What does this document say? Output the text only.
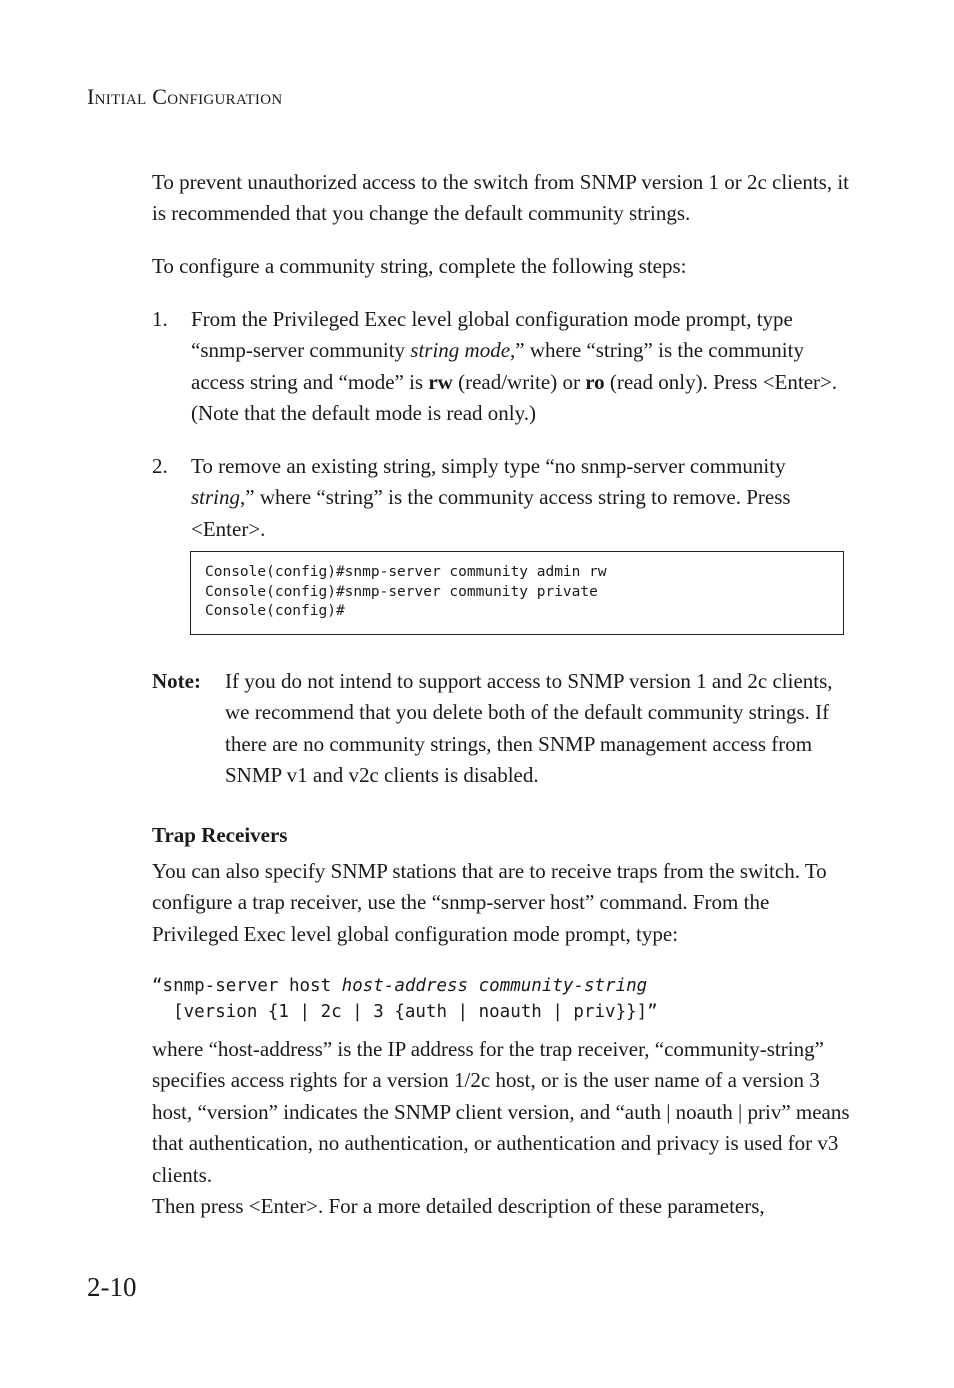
INITIAL CONFIGURATION
To prevent unauthorized access to the switch from SNMP version 1 or 2c clients, it is recommended that you change the default community strings.
To configure a community string, complete the following steps:
1. From the Privileged Exec level global configuration mode prompt, type “snmp-server community string mode,” where “string” is the community access string and “mode” is rw (read/write) or ro (read only). Press <Enter>. (Note that the default mode is read only.)
2. To remove an existing string, simply type “no snmp-server community string,” where “string” is the community access string to remove. Press <Enter>.
Console(config)#snmp-server community admin rw
Console(config)#snmp-server community private
Console(config)#
Note: If you do not intend to support access to SNMP version 1 and 2c clients, we recommend that you delete both of the default community strings. If there are no community strings, then SNMP management access from SNMP v1 and v2c clients is disabled.
Trap Receivers
You can also specify SNMP stations that are to receive traps from the switch. To configure a trap receiver, use the “snmp-server host” command. From the Privileged Exec level global configuration mode prompt, type:
“snmp-server host host-address community-string
[version {1 | 2c | 3 {auth | noauth | priv}}]”
where “host-address” is the IP address for the trap receiver, “community-string” specifies access rights for a version 1/2c host, or is the user name of a version 3 host, “version” indicates the SNMP client version, and “auth | noauth | priv” means that authentication, no authentication, or authentication and privacy is used for v3 clients.
Then press <Enter>. For a more detailed description of these parameters,
2-10
